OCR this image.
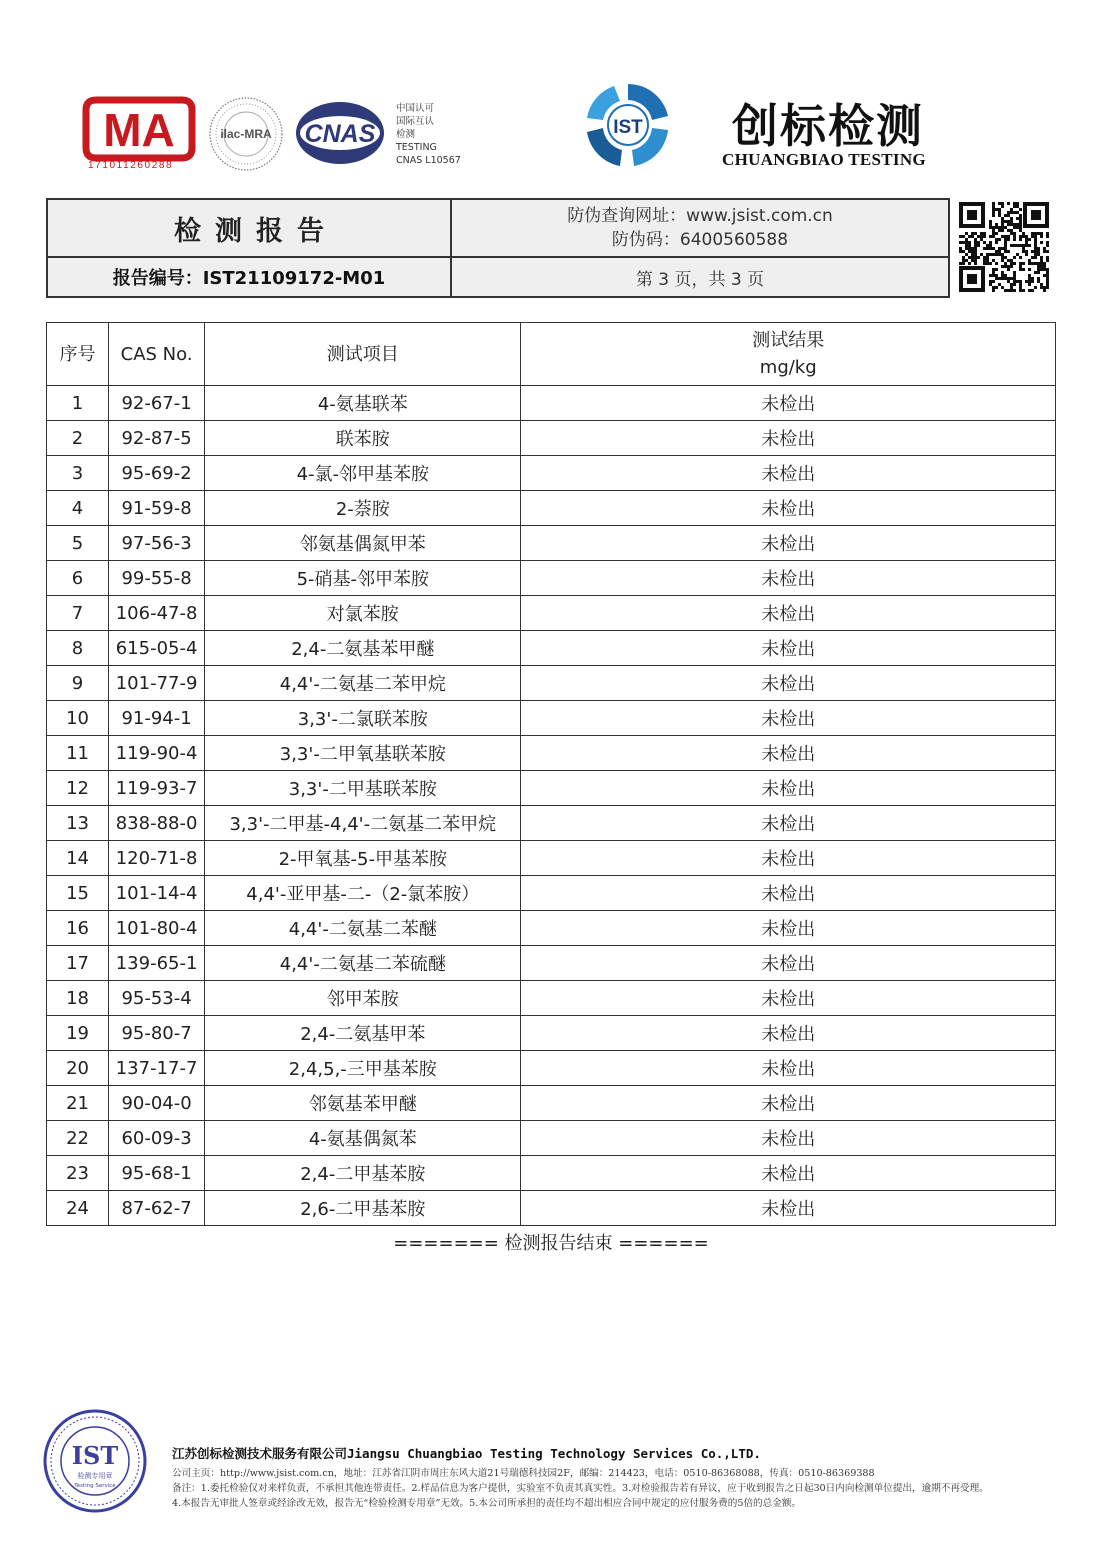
MA
171011260288
ilac-MRA CNAS
中国认可
国际互认
检测
TESTING
CNAS L10567
IST 创标检测
CHUANGBIAO TESTING
检测报告	防伪查询网址：www.jsist.com.cn
防伪码：6400560588
报告编号：IST21109172-M01	第 3 页，共 3 页
序号	CAS No.	测试项目	测试结果
mg/kg

1	92-67-1	4-氨基联苯	未检出
2	92-87-5	联苯胺	未检出
3	95-69-2	4-氯-邻甲基苯胺	未检出
4	91-59-8	2-萘胺	未检出
5	97-56-3	邻氨基偶氮甲苯	未检出
6	99-55-8	5-硝基-邻甲苯胺	未检出
7	106-47-8	对氯苯胺	未检出
8	615-05-4	2,4-二氨基苯甲醚	未检出
9	101-77-9	4,4'-二氨基二苯甲烷	未检出
10	91-94-1	3,3'-二氯联苯胺	未检出
11	119-90-4	3,3'-二甲氧基联苯胺	未检出
12	119-93-7	3,3'-二甲基联苯胺	未检出
13	838-88-0	3,3'-二甲基-4,4'-二氨基二苯甲烷	未检出
14	120-71-8	2-甲氧基-5-甲基苯胺	未检出
15	101-14-4	4,4'-亚甲基-二-（2-氯苯胺）	未检出
16	101-80-4	4,4'-二氨基二苯醚	未检出
17	139-65-1	4,4'-二氨基二苯硫醚	未检出
18	95-53-4	邻甲苯胺	未检出
19	95-80-7	2,4-二氨基甲苯	未检出
20	137-17-7	2,4,5,-三甲基苯胺	未检出
21	90-04-0	邻氨基苯甲醚	未检出
22	60-09-3	4-氨基偶氮苯	未检出
23	95-68-1	2,4-二甲基苯胺	未检出
24	87-62-7	2,6-二甲基苯胺	未检出
======= 检测报告结束 ======
IST
检测专用章
Testing Service
江苏创标检测技术服务有限公司Jiangsu Chuangbiao Testing Technology Services Co.,LTD.
公司主页：http://www.jsist.com.cn，地址：江苏省江阴市周庄东风大道21号瑞德科技园2F，邮编：214423，电话：0510-86368088，传真：0510-86369388
备注：1.委托检验仅对来样负责，不承担其他连带责任。2.样品信息为客户提供，实验室不负责其真实性。3.对检验报告若有异议，应于收到报告之日起30日内向检测单位提出，逾期不再受理。
4.本报告无审批人签章或经涂改无效，报告无“检验检测专用章”无效。5.本公司所承担的责任均不超出相应合同中规定的应付服务费的5倍的总金额。
